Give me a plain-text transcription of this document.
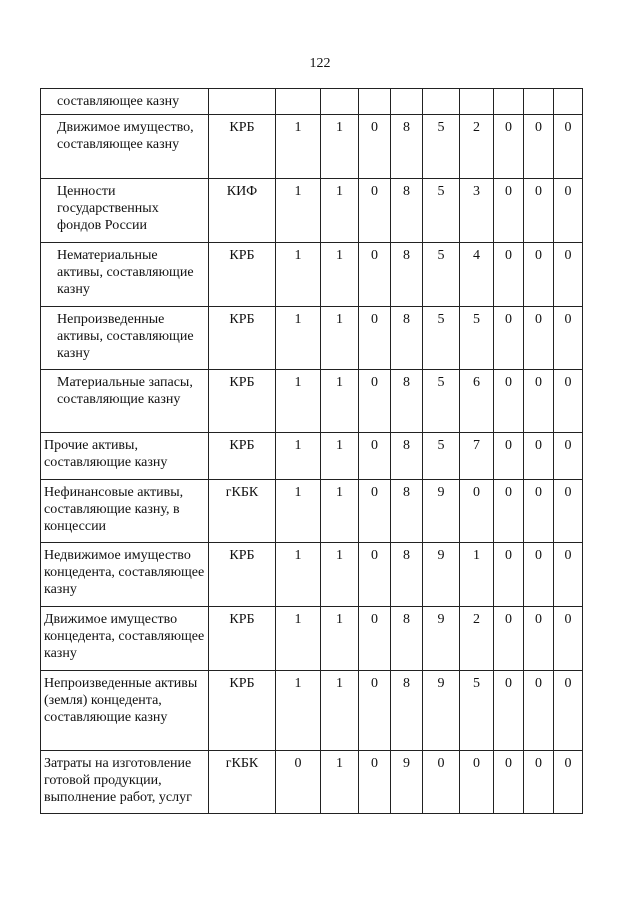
122
составляющее казну										
Движимое имущество, составляющее казну	КРБ	1	1	0	8	5	2	0	0	0
Ценности государственных фондов России	КИФ	1	1	0	8	5	3	0	0	0
Нематериальные активы, составляющие казну	КРБ	1	1	0	8	5	4	0	0	0
Непроизведенные активы, составляющие казну	КРБ	1	1	0	8	5	5	0	0	0
Материальные запасы, составляющие казну	КРБ	1	1	0	8	5	6	0	0	0
Прочие активы, составляющие казну	КРБ	1	1	0	8	5	7	0	0	0
Нефинансовые активы, составляющие казну, в концессии	гКБК	1	1	0	8	9	0	0	0	0
Недвижимое имущество концедента, составляющее казну	КРБ	1	1	0	8	9	1	0	0	0
Движимое имущество концедента, составляющее казну	КРБ	1	1	0	8	9	2	0	0	0
Непроизведенные активы (земля) концедента, составляющие казну	КРБ	1	1	0	8	9	5	0	0	0
Затраты на изготовление готовой продукции, выполнение работ, услуг	гКБК	0	1	0	9	0	0	0	0	0
